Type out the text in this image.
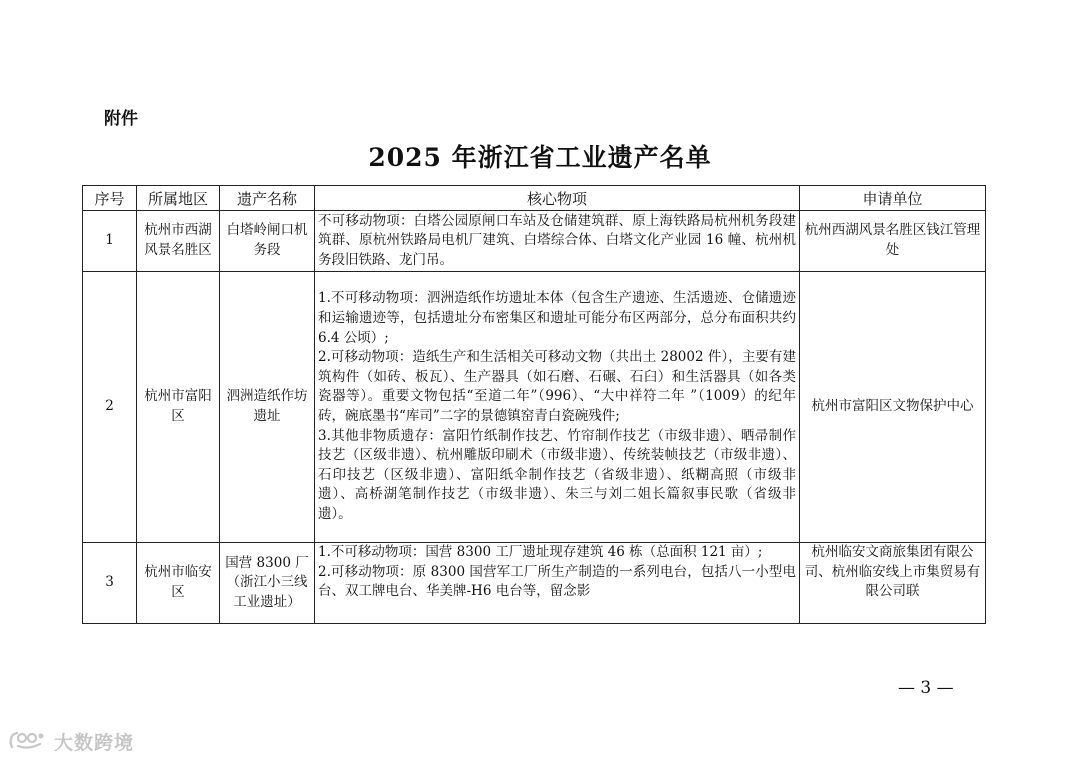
附件
2025 年浙江省工业遗产名单
序号	所属地区	遗产名称	核心物项	申请单位
1	杭州市西湖风景名胜区	白塔岭闸口机务段	不可移动物项：白塔公园原闸口车站及仓储建筑群、原上海铁路局杭州机务段建筑群、原杭州铁路局电机厂建筑、白塔综合体、白塔文化产业园 16 幢、杭州机务段旧铁路、龙门吊。	杭州西湖风景名胜区钱江管理处
2	杭州市富阳区	泗洲造纸作坊遗址	1.不可移动物项：泗洲造纸作坊遗址本体（包含生产遗迹、生活遗迹、仓储遗迹和运输遗迹等，包括遗址分布密集区和遗址可能分布区两部分，总分布面积共约 6.4 公顷）;
2.可移动物项：造纸生产和生活相关可移动文物（共出土 28002 件），主要有建筑构件（如砖、板瓦）、生产器具（如石磨、石碾、石臼）和生活器具（如各类瓷器等）。重要文物包括“至道二年”（996）、“大中祥符二年 ”（1009）的纪年砖，碗底墨书“库司”二字的景德镇窑青白瓷碗残件;
3.其他非物质遗存：富阳竹纸制作技艺、竹帘制作技艺（市级非遗）、晒帚制作技艺（区级非遗）、杭州雕版印刷术（市级非遗）、传统装帧技艺（市级非遗）、石印技艺（区级非遗）、富阳纸伞制作技艺（省级非遗）、纸糊高照（市级非遗）、高桥湖笔制作技艺（市级非遗）、朱三与刘二姐长篇叙事民歌（省级非遗）。	杭州市富阳区文物保护中心
3	杭州市临安区	国营 8300 厂（浙江小三线工业遗址）	1.不可移动物项：国营 8300 工厂遗址现存建筑 46 栋（总面积 121 亩）;
2.可移动物项：原 8300 国营军工厂所生产制造的一系列电台，包括八一小型电台、双工牌电台、华美牌-H6 电台等，留念影	杭州临安文商旅集团有限公司、杭州临安线上市集贸易有限公司联
— 3 —
大数跨境
